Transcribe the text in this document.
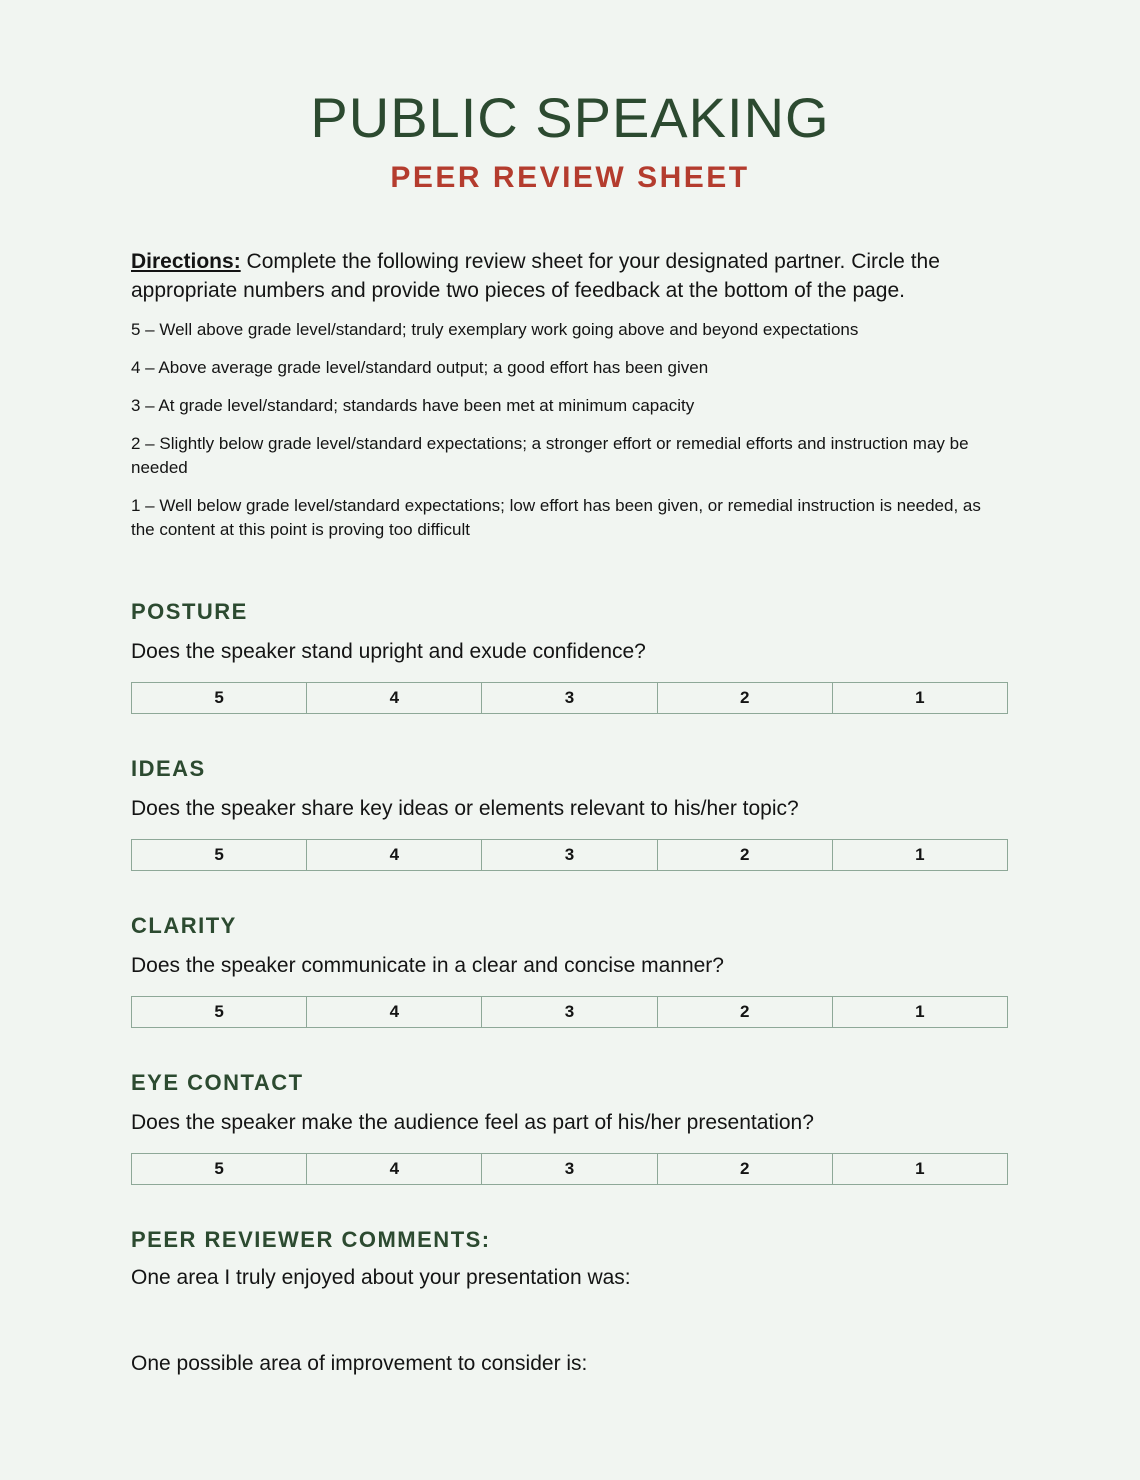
PUBLIC SPEAKING
PEER REVIEW SHEET

Directions: Complete the following review sheet for your designated partner. Circle the appropriate numbers and provide two pieces of feedback at the bottom of the page.

5 – Well above grade level/standard; truly exemplary work going above and beyond expectations
4 – Above average grade level/standard output; a good effort has been given
3 – At grade level/standard; standards have been met at minimum capacity
2 – Slightly below grade level/standard expectations; a stronger effort or remedial efforts and instruction may be needed
1 – Well below grade level/standard expectations; low effort has been given, or remedial instruction is needed, as the content at this point is proving too difficult
POSTURE

Does the speaker stand upright and exude confidence?

5	4	3	2	1
IDEAS

Does the speaker share key ideas or elements relevant to his/her topic?

5	4	3	2	1
CLARITY

Does the speaker communicate in a clear and concise manner?

5	4	3	2	1
EYE CONTACT

Does the speaker make the audience feel as part of his/her presentation?

5	4	3	2	1
PEER REVIEWER COMMENTS:

One area I truly enjoyed about your presentation was:

One possible area of improvement to consider is:
